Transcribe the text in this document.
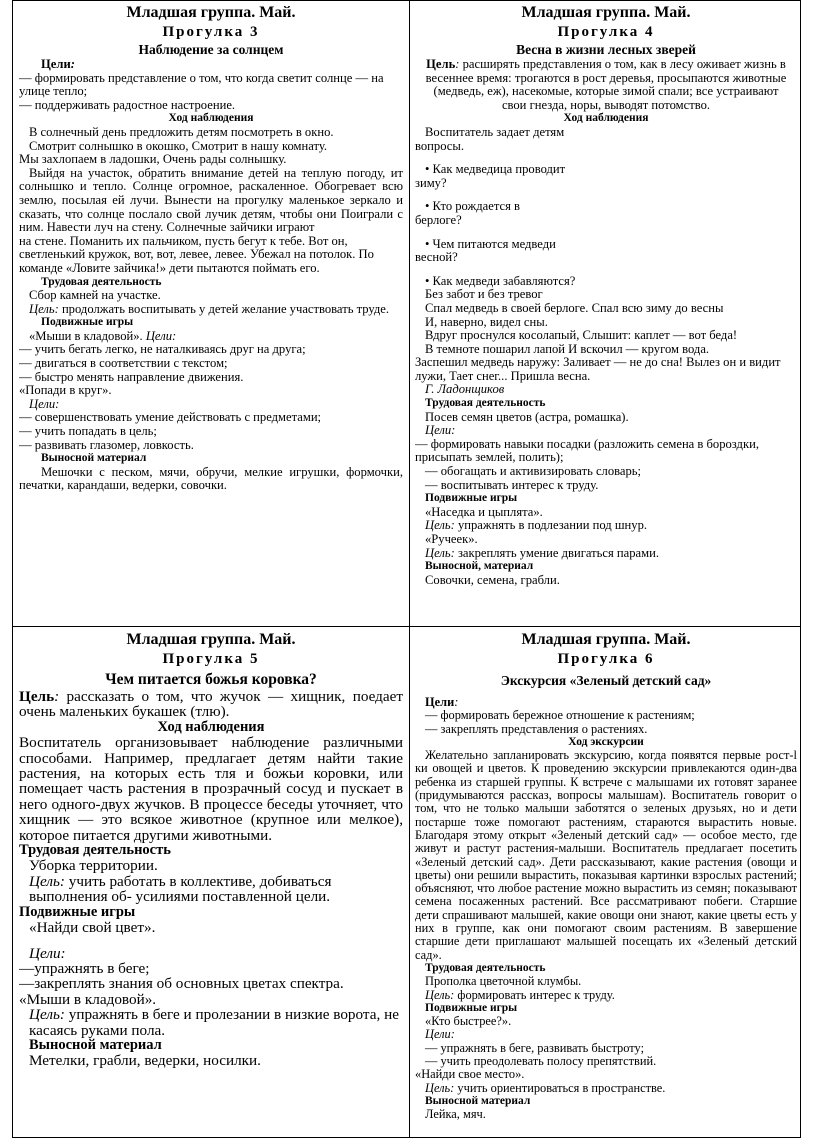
Младшая группа. Май.

Прогулка 3

Наблюдение за солнцем

Цели:

— формировать представление о том, что когда светит солнце — на улице тепло;

— поддерживать радостное настроение.

Ход наблюдения

В солнечный день предложить детям посмотреть в окно.

Смотрит солнышко в окошко, Смотрит в нашу комнату.

Мы захлопаем в ладошки, Очень рады солнышку.

Выйдя на участок, обратить внимание детей на теплую погоду, ит солнышко и тепло. Солнце огромное, раскаленное. Обогревает всю землю, посылая ей лучи. Вынести на прогулку маленькое зеркало и сказать, что солнце послало свой лучик детям, чтобы они Поиграли с ним. Навести луч на стену. Солнечные зайчики играют

на стене. Поманить их пальчиком, пусть бегут к тебе. Вот он, светленький кружок, вот, вот, левее, левее. Убежал на потолок. По команде «Ловите зайчика!» дети пытаются поймать его.

Трудовая деятельность

Сбор камней на участке.

Цель: продолжать воспитывать у детей желание участвовать труде.

Подвижные игры

«Мыши в кладовой». Цели:

— учить бегать легко, не наталкиваясь друг на друга;

— двигаться в соответствии с текстом;

— быстро менять направление движения.

«Попади в круг».

Цели:

— совершенствовать умение действовать с предметами;

— учить попадать в цель;

— развивать глазомер, ловкость.

Выносной материал

Мешочки с песком, мячи, обручи, мелкие игрушки, формочки, печатки, карандаши, ведерки, совочки.

Младшая группа. Май.

Прогулка 4

Весна в жизни лесных зверей

Цель: расширять представления о том, как в лесу оживает жизнь в весеннее время: трогаются в рост деревья, просыпаются животные (медведь, еж), насекомые, которые зимой спали; все устраивают свои гнезда, норы, выводят потомство.

Ход наблюдения

Воспитатель задает детям

вопросы.

• Как медведица проводит

зиму?

• Кто рождается в

берлоге?

• Чем питаются медведи

весной?

• Как медведи забавляются?

Без забот и без тревог

Спал медведь в своей берлоге. Спал всю зиму до весны

И, наверно, видел сны.

Вдруг проснулся косолапый, Слышит: каплет — вот беда!

В темноте пошарил лапой И вскочил — кругом вода.

Заспешил медведь наружу: Заливает — не до сна! Вылез он и видит лужи, Тает снег... Пришла весна.

Г. Ладонщиков

Трудовая деятельность

Посев семян цветов (астра, ромашка).

Цели:

— формировать навыки посадки (разложить семена в бороздки,

присыпать землей, полить);

— обогащать и активизировать словарь;

— воспитывать интерес к труду.

Подвижные игры

«Наседка и цыплята».

Цель: упражнять в подлезании под шнур.

«Ручеек».

Цель: закреплять умение двигаться парами.

Выносной, материал

Совочки, семена, грабли.

Младшая группа. Май.

Прогулка 5

Чем питается божья коровка?

Цель: рассказать о том, что жучок — хищник, поедает очень маленьких букашек (тлю).

Ход наблюдения

Воспитатель организовывает наблюдение различными способами. Например, предлагает детям найти такие растения, на которых есть тля и божьи коровки, или помещает часть растения в прозрачный сосуд и пускает в него одного-двух жучков. В процессе беседы уточняет, что хищник — это всякое животное (крупное или мелкое), которое питается другими животными.

Трудовая деятельность

Уборка территории.

Цель: учить работать в коллективе, добиваться выполнения об- усилиями поставленной цели.

Подвижные игры

«Найди свой цвет».

Цели:

—упражнять в беге;

—закреплять знания об основных цветах спектра.

«Мыши в кладовой».

Цель: упражнять в беге и пролезании в низкие ворота, не касаясь руками пола.

Выносной материал

Метелки, грабли, ведерки, носилки.

Младшая группа. Май.

Прогулка 6

Экскурсия «Зеленый детский сад»

Цели:

— формировать бережное отношение к растениям;

— закреплять представления о растениях.

Ход экскурсии

Желательно запланировать экскурсию, когда появятся первые рост-l ки овощей и цветов. К проведению экскурсии привлекаются один-два ребенка из старшей группы. К встрече с малышами их готовят заранее (придумываются рассказ, вопросы малышам). Воспитатель говорит о том, что не только малыши заботятся о зеленых друзьях, но и дети постарше тоже помогают растениям, стараются вырастить новые. Благодаря этому открыт «Зеленый детский сад» — особое место, где живут и растут растения-малыши. Воспитатель предлагает посетить «Зеленый детский сад». Дети рассказывают, какие растения (овощи и цветы) они решили вырастить, показывая картинки взрослых растений; объясняют, что любое растение можно вырастить из семян; показывают семена посаженных растений. Все рассматривают побеги. Старшие дети спрашивают малышей, какие овощи они знают, какие цветы есть у них в группе, как они помогают своим растениям. В завершение старшие дети приглашают малышей посещать их «Зеленый детский сад».

Трудовая деятельность

Прополка цветочной клумбы.

Цель: формировать интерес к труду.

Подвижные игры

«Кто быстрее?».

Цели:

— упражнять в беге, развивать быстроту;

— учить преодолевать полосу препятствий.

«Найди свое место».

Цель: учить ориентироваться в пространстве.

Выносной материал

Лейка, мяч.
